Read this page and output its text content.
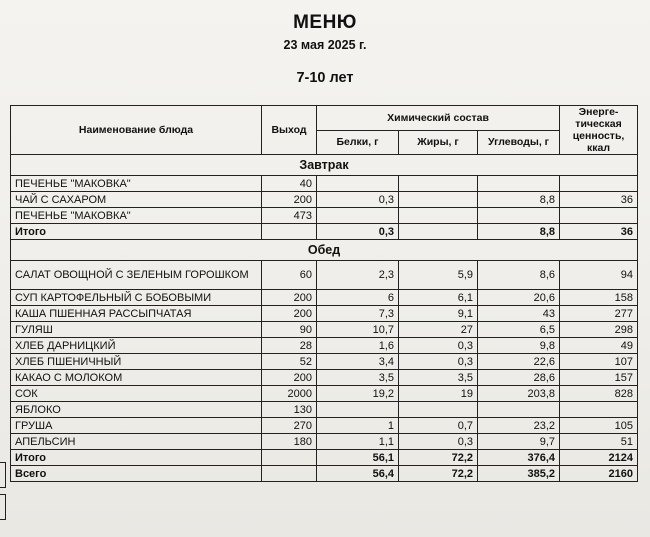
МЕНЮ
23 мая 2025 г.
7-10 лет
Наименование блюда	Выход	Химический состав			Энерге- тическая ценность, ккал
		Белки, г	Жиры, г	Углеводы, г	
Завтрак					
ПЕЧЕНЬЕ "МАКОВКА"	40				
ЧАЙ С САХАРОМ	200	0,3		8,8	36
ПЕЧЕНЬЕ "МАКОВКА"	473				
Итого		0,3		8,8	36
Обед					
САЛАТ ОВОЩНОЙ С ЗЕЛЕНЫМ ГОРОШКОМ	60	2,3	5,9	8,6	94
СУП КАРТОФЕЛЬНЫЙ С БОБОВЫМИ	200	6	6,1	20,6	158
КАША ПШЕННАЯ РАССЫПЧАТАЯ	200	7,3	9,1	43	277
ГУЛЯШ	90	10,7	27	6,5	298
ХЛЕБ ДАРНИЦКИЙ	28	1,6	0,3	9,8	49
ХЛЕБ ПШЕНИЧНЫЙ	52	3,4	0,3	22,6	107
КАКАО С МОЛОКОМ	200	3,5	3,5	28,6	157
СОК	2000	19,2	19	203,8	828
ЯБЛОКО	130				
ГРУША	270	1	0,7	23,2	105
АПЕЛЬСИН	180	1,1	0,3	9,7	51
Итого		56,1	72,2	376,4	2124
Всего		56,4	72,2	385,2	2160
